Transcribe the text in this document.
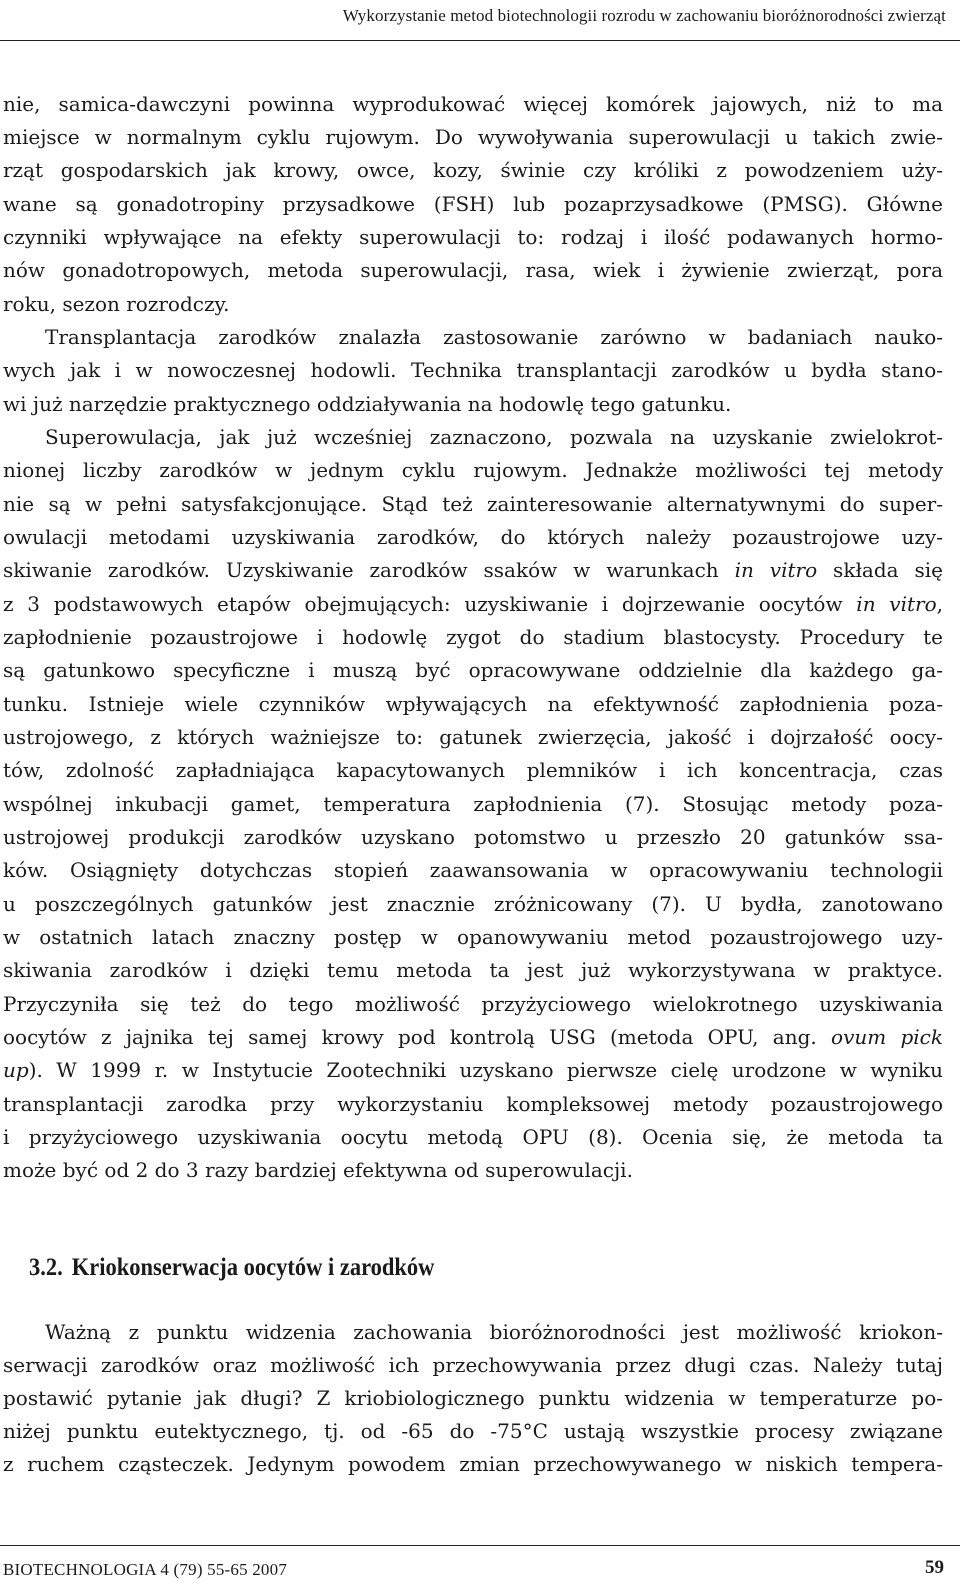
Wykorzystanie metod biotechnologii rozrodu w zachowaniu bioróżnorodności zwierząt
nie, samica-dawczyni powinna wyprodukować więcej komórek jajowych, niż to ma
miejsce w normalnym cyklu rujowym. Do wywoływania superowulacji u takich zwie-
rząt gospodarskich jak krowy, owce, kozy, świnie czy króliki z powodzeniem uży-
wane są gonadotropiny przysadkowe (FSH) lub pozaprzysadkowe (PMSG). Główne
czynniki wpływające na efekty superowulacji to: rodzaj i ilość podawanych hormo-
nów gonadotropowych, metoda superowulacji, rasa, wiek i żywienie zwierząt, pora
roku, sezon rozrodczy.
Transplantacja zarodków znalazła zastosowanie zarówno w badaniach nauko-
wych jak i w nowoczesnej hodowli. Technika transplantacji zarodków u bydła stano-
wi już narzędzie praktycznego oddziaływania na hodowlę tego gatunku.
Superowulacja, jak już wcześniej zaznaczono, pozwala na uzyskanie zwielokrot-
nionej liczby zarodków w jednym cyklu rujowym. Jednakże możliwości tej metody
nie są w pełni satysfakcjonujące. Stąd też zainteresowanie alternatywnymi do super-
owulacji metodami uzyskiwania zarodków, do których należy pozaustrojowe uzy-
skiwanie zarodków. Uzyskiwanie zarodków ssaków w warunkach in vitro składa się
z 3 podstawowych etapów obejmujących: uzyskiwanie i dojrzewanie oocytów in vitro,
zapłodnienie pozaustrojowe i hodowlę zygot do stadium blastocysty. Procedury te
są gatunkowo specyficzne i muszą być opracowywane oddzielnie dla każdego ga-
tunku. Istnieje wiele czynników wpływających na efektywność zapłodnienia poza-
ustrojowego, z których ważniejsze to: gatunek zwierzęcia, jakość i dojrzałość oocy-
tów, zdolność zapładniająca kapacytowanych plemników i ich koncentracja, czas
wspólnej inkubacji gamet, temperatura zapłodnienia (7). Stosując metody poza-
ustrojowej produkcji zarodków uzyskano potomstwo u przeszło 20 gatunków ssa-
ków. Osiągnięty dotychczas stopień zaawansowania w opracowywaniu technologii
u poszczególnych gatunków jest znacznie zróżnicowany (7). U bydła, zanotowano
w ostatnich latach znaczny postęp w opanowywaniu metod pozaustrojowego uzy-
skiwania zarodków i dzięki temu metoda ta jest już wykorzystywana w praktyce.
Przyczyniła się też do tego możliwość przyżyciowego wielokrotnego uzyskiwania
oocytów z jajnika tej samej krowy pod kontrolą USG (metoda OPU, ang. ovum pick
up). W 1999 r. w Instytucie Zootechniki uzyskano pierwsze cielę urodzone w wyniku
transplantacji zarodka przy wykorzystaniu kompleksowej metody pozaustrojowego
i przyżyciowego uzyskiwania oocytu metodą OPU (8). Ocenia się, że metoda ta
może być od 2 do 3 razy bardziej efektywna od superowulacji.
Ważną z punktu widzenia zachowania bioróżnorodności jest możliwość kriokon-
serwacji zarodków oraz możliwość ich przechowywania przez długi czas. Należy tutaj
postawić pytanie jak długi? Z kriobiologicznego punktu widzenia w temperaturze po-
niżej punktu eutektycznego, tj. od -65 do -75°C ustają wszystkie procesy związane
z ruchem cząsteczek. Jedynym powodem zmian przechowywanego w niskich tempera-
3.2. Kriokonserwacja oocytów i zarodków
BIOTECHNOLOGIA 4 (79) 55-65 2007	59
